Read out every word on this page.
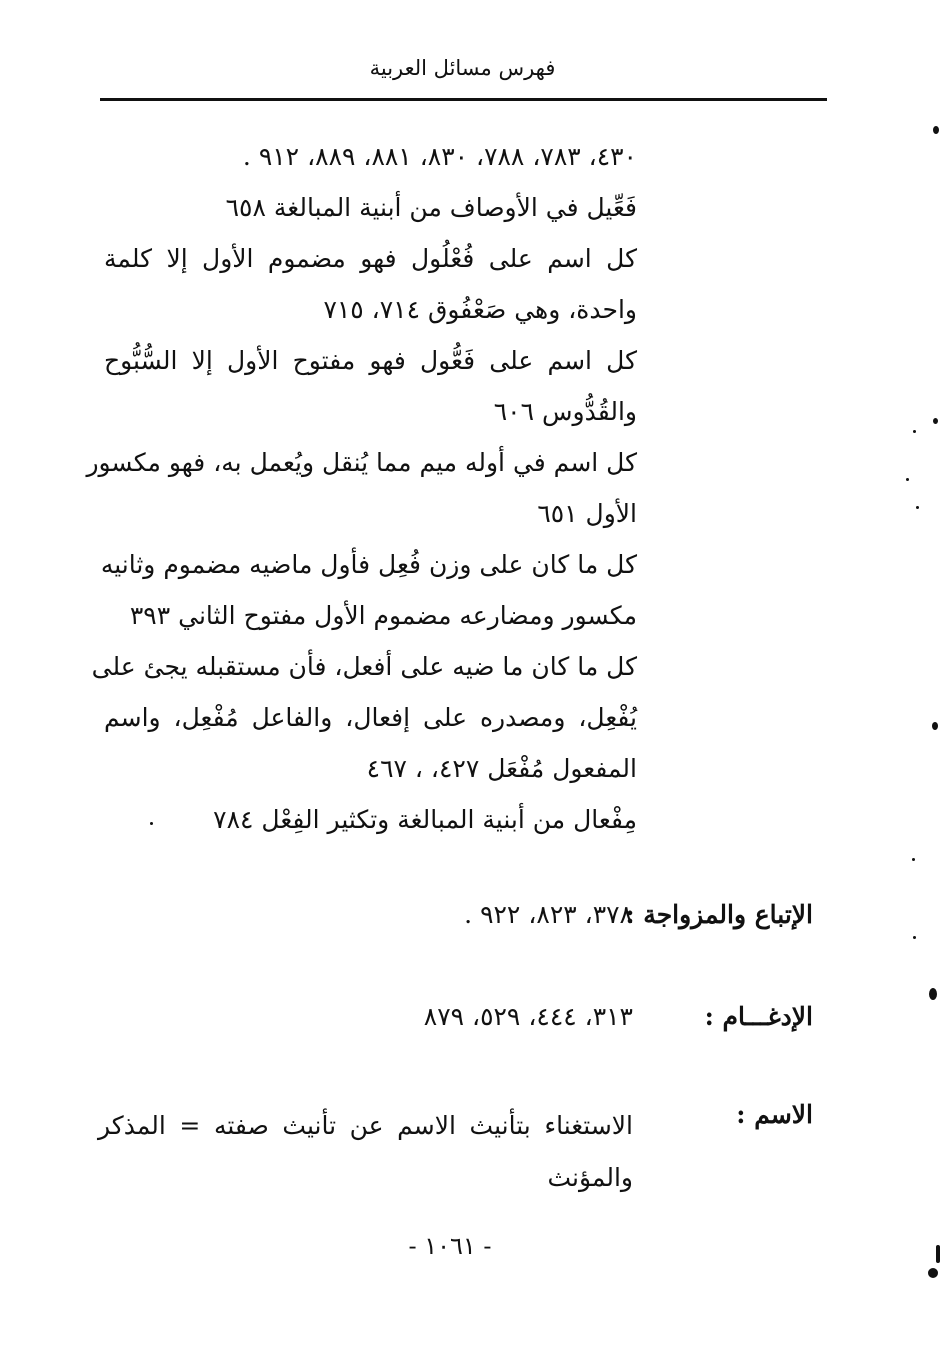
فهرس مسائل العربية
٤٣٠، ٧٨٣، ٧٨٨، ٨٣٠، ٨٨١، ٨٨٩، ٩١٢ .
فَعِّيل في الأوصاف من أبنية المبالغة ٦٥٨
كل اسم على فُعْلُول فهو مضموم الأول إلا كلمة
واحدة، وهي صَعْفُوق ٧١٤، ٧١٥
كل اسم على فَعُّول فهو مفتوح الأول إلا السُّبُّوح
والقُدُّوس ٦٠٦
كل اسم في أوله ميم مما يُنقل ويُعمل به، فهو مكسور
الأول ٦٥١
كل ما كان على وزن فُعِل فأول ماضيه مضموم وثانيه
مكسور ومضارعه مضموم الأول مفتوح الثاني ٣٩٣
كل ما كان ما ضيه على أفعل، فأن مستقبله يجئ على
يُفْعِل، ومصدره على إفعال، والفاعل مُفْعِل، واسم
المفعول مُفْعَل ٤٢٧، ، ٤٦٧
مِفْعال من أبنية المبالغة وتكثير الفِعْل ٧٨٤
الإتباع والمزواجة :
٣٧٨، ٨٢٣، ٩٢٢ .
الإدغـــام :
٣١٣، ٤٤٤، ٥٢٩، ٨٧٩
الاسم :
الاستغناء بتأنيث الاسم عن تأنيث صفته = المذكر
والمؤنث
- ١٠٦١ -
